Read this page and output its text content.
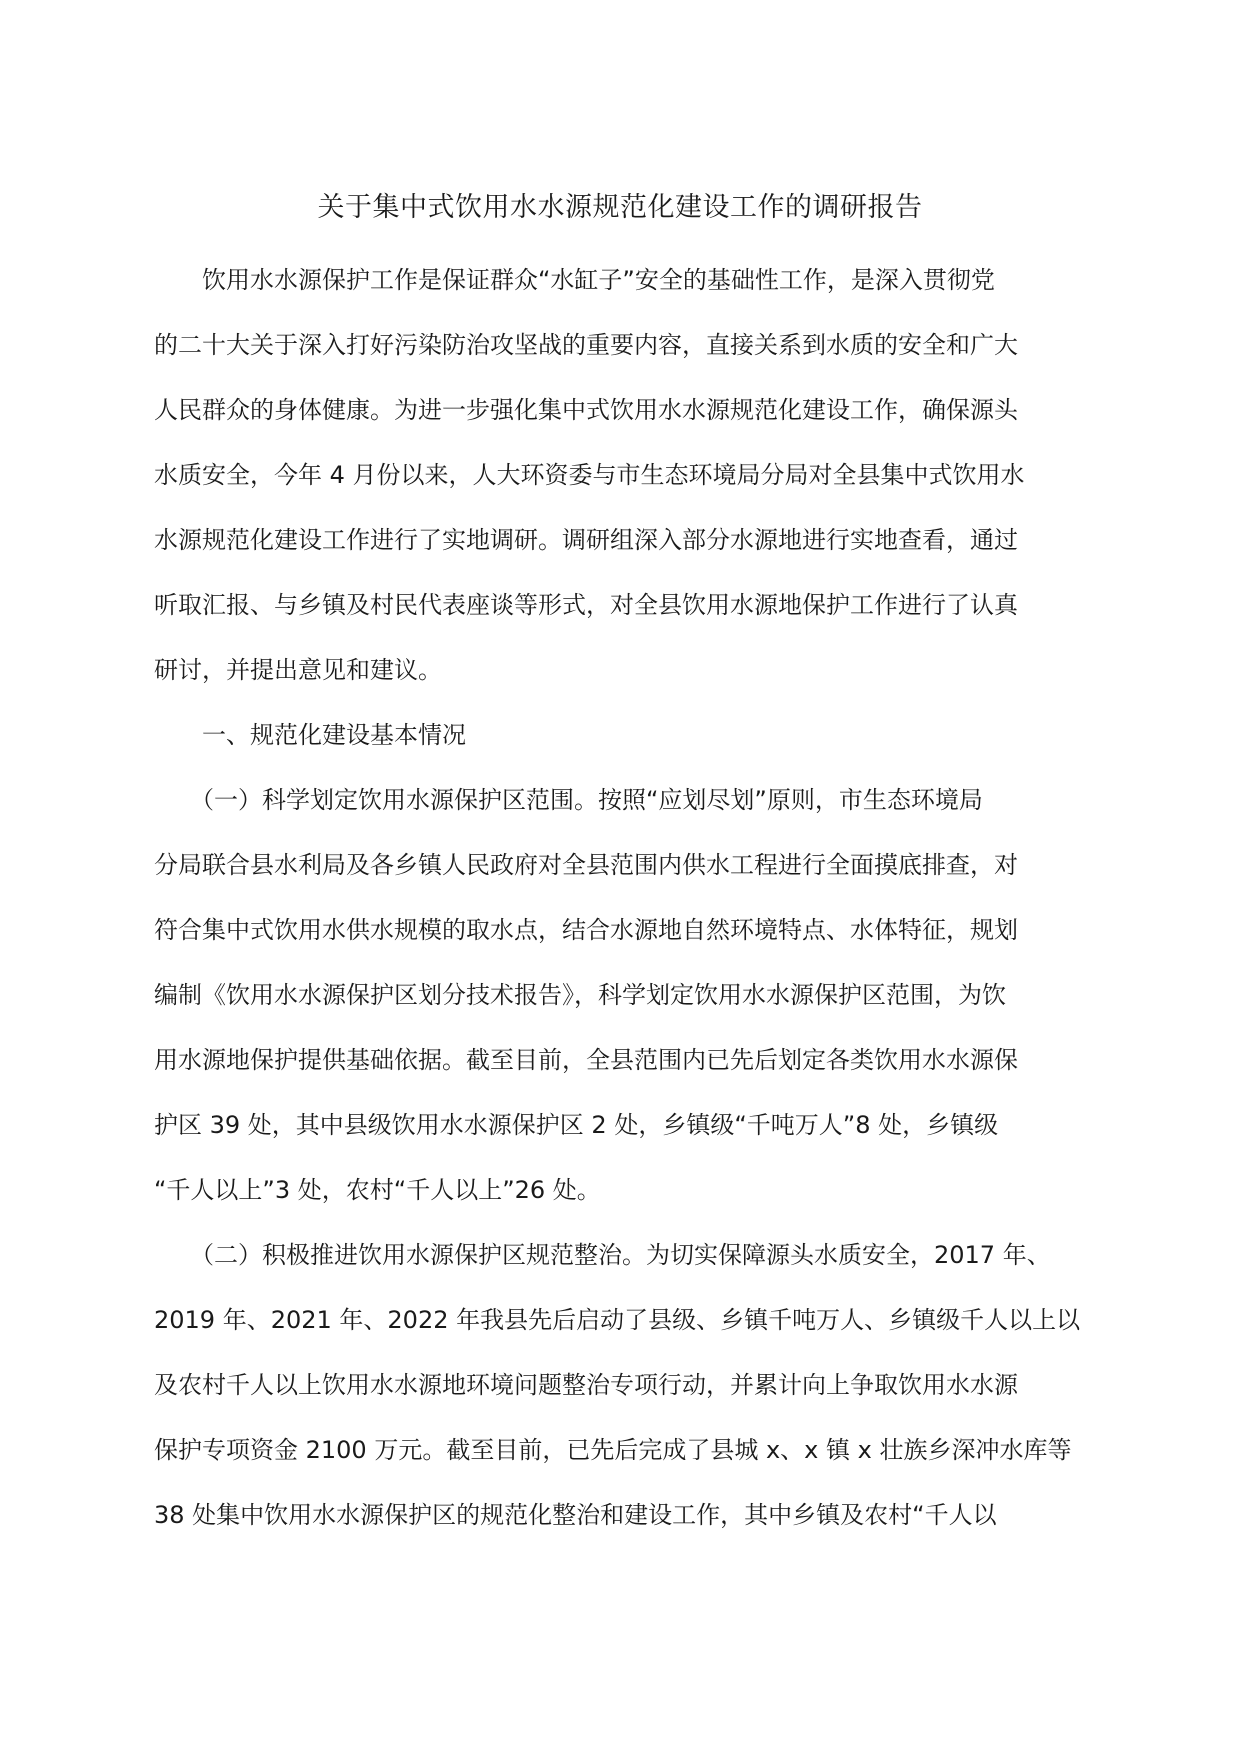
关于集中式饮用水水源规范化建设工作的调研报告
　　饮用水水源保护工作是保证群众“水缸子”安全的基础性工作，是深入贯彻党
的二十大关于深入打好污染防治攻坚战的重要内容，直接关系到水质的安全和广大
人民群众的身体健康。为进一步强化集中式饮用水水源规范化建设工作，确保源头
水质安全，今年 4 月份以来，人大环资委与市生态环境局分局对全县集中式饮用水
水源规范化建设工作进行了实地调研。调研组深入部分水源地进行实地查看，通过
听取汇报、与乡镇及村民代表座谈等形式，对全县饮用水源地保护工作进行了认真
研讨，并提出意见和建议。
　　一、规范化建设基本情况
　　（一）科学划定饮用水源保护区范围。按照“应划尽划”原则，市生态环境局
分局联合县水利局及各乡镇人民政府对全县范围内供水工程进行全面摸底排查，对
符合集中式饮用水供水规模的取水点，结合水源地自然环境特点、水体特征，规划
编制《饮用水水源保护区划分技术报告》，科学划定饮用水水源保护区范围，为饮
用水源地保护提供基础依据。截至目前，全县范围内已先后划定各类饮用水水源保
护区 39 处，其中县级饮用水水源保护区 2 处，乡镇级“千吨万人”8 处，乡镇级
“千人以上”3 处，农村“千人以上”26 处。
　　（二）积极推进饮用水源保护区规范整治。为切实保障源头水质安全，2017 年、
2019 年、2021 年、2022 年我县先后启动了县级、乡镇千吨万人、乡镇级千人以上以
及农村千人以上饮用水水源地环境问题整治专项行动，并累计向上争取饮用水水源
保护专项资金 2100 万元。截至目前，已先后完成了县城 x、x 镇 x 壮族乡深冲水库等
38 处集中饮用水水源保护区的规范化整治和建设工作，其中乡镇及农村“千人以
